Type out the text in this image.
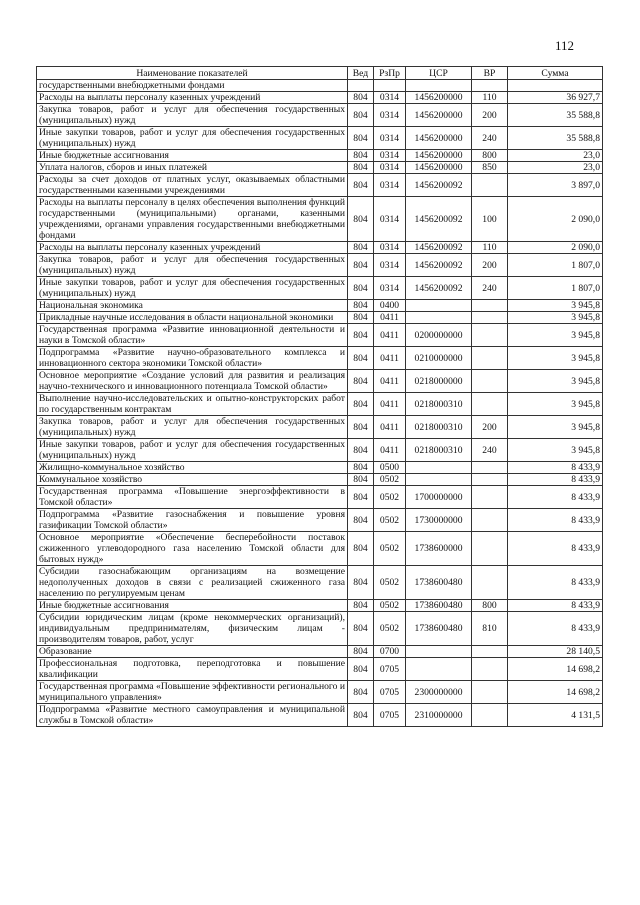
112
Наименование показателей	Вед	РзПр	ЦСР	ВР	Сумма
государственными внебюджетными фондами					
Расходы на выплаты персоналу казенных учреждений	804	0314	1456200000	110	36 927,7
Закупка товаров, работ и услуг для обеспечения государственных (муниципальных) нужд	804	0314	1456200000	200	35 588,8
Иные закупки товаров, работ и услуг для обеспечения государственных (муниципальных) нужд	804	0314	1456200000	240	35 588,8
Иные бюджетные ассигнования	804	0314	1456200000	800	23,0
Уплата налогов, сборов и иных платежей	804	0314	1456200000	850	23,0
Расходы за счет доходов от платных услуг, оказываемых областными государственными казенными учреждениями	804	0314	1456200092		3 897,0
Расходы на выплаты персоналу в целях обеспечения выполнения функций государственными (муниципальными) органами, казенными учреждениями, органами управления государственными внебюджетными фондами	804	0314	1456200092	100	2 090,0
Расходы на выплаты персоналу казенных учреждений	804	0314	1456200092	110	2 090,0
Закупка товаров, работ и услуг для обеспечения государственных (муниципальных) нужд	804	0314	1456200092	200	1 807,0
Иные закупки товаров, работ и услуг для обеспечения государственных (муниципальных) нужд	804	0314	1456200092	240	1 807,0
Национальная экономика	804	0400			3 945,8
Прикладные научные исследования в области национальной экономики	804	0411			3 945,8
Государственная программа «Развитие инновационной деятельности и науки в Томской области»	804	0411	0200000000		3 945,8
Подпрограмма «Развитие научно-образовательного комплекса и инновационного сектора экономики Томской области»	804	0411	0210000000		3 945,8
Основное мероприятие «Создание условий для развития и реализация научно-технического и инновационного потенциала Томской области»	804	0411	0218000000		3 945,8
Выполнение научно-исследовательских и опытно-конструкторских работ по государственным контрактам	804	0411	0218000310		3 945,8
Закупка товаров, работ и услуг для обеспечения государственных (муниципальных) нужд	804	0411	0218000310	200	3 945,8
Иные закупки товаров, работ и услуг для обеспечения государственных (муниципальных) нужд	804	0411	0218000310	240	3 945,8
Жилищно-коммунальное хозяйство	804	0500			8 433,9
Коммунальное хозяйство	804	0502			8 433,9
Государственная программа «Повышение энергоэффективности в Томской области»	804	0502	1700000000		8 433,9
Подпрограмма «Развитие газоснабжения и повышение уровня газификации Томской области»	804	0502	1730000000		8 433,9
Основное мероприятие «Обеспечение бесперебойности поставок сжиженного углеводородного газа населению Томской области для бытовых нужд»	804	0502	1738600000		8 433,9
Субсидии газоснабжающим организациям на возмещение недополученных доходов в связи с реализацией сжиженного газа населению по регулируемым ценам	804	0502	1738600480		8 433,9
Иные бюджетные ассигнования	804	0502	1738600480	800	8 433,9
Субсидии юридическим лицам (кроме некоммерческих организаций), индивидуальным предпринимателям, физическим лицам - производителям товаров, работ, услуг	804	0502	1738600480	810	8 433,9
Образование	804	0700			28 140,5
Профессиональная подготовка, переподготовка и повышение квалификации	804	0705			14 698,2
Государственная программа «Повышение эффективности регионального и муниципального управления»	804	0705	2300000000		14 698,2
Подпрограмма «Развитие местного самоуправления и муниципальной службы в Томской области»	804	0705	2310000000		4 131,5
